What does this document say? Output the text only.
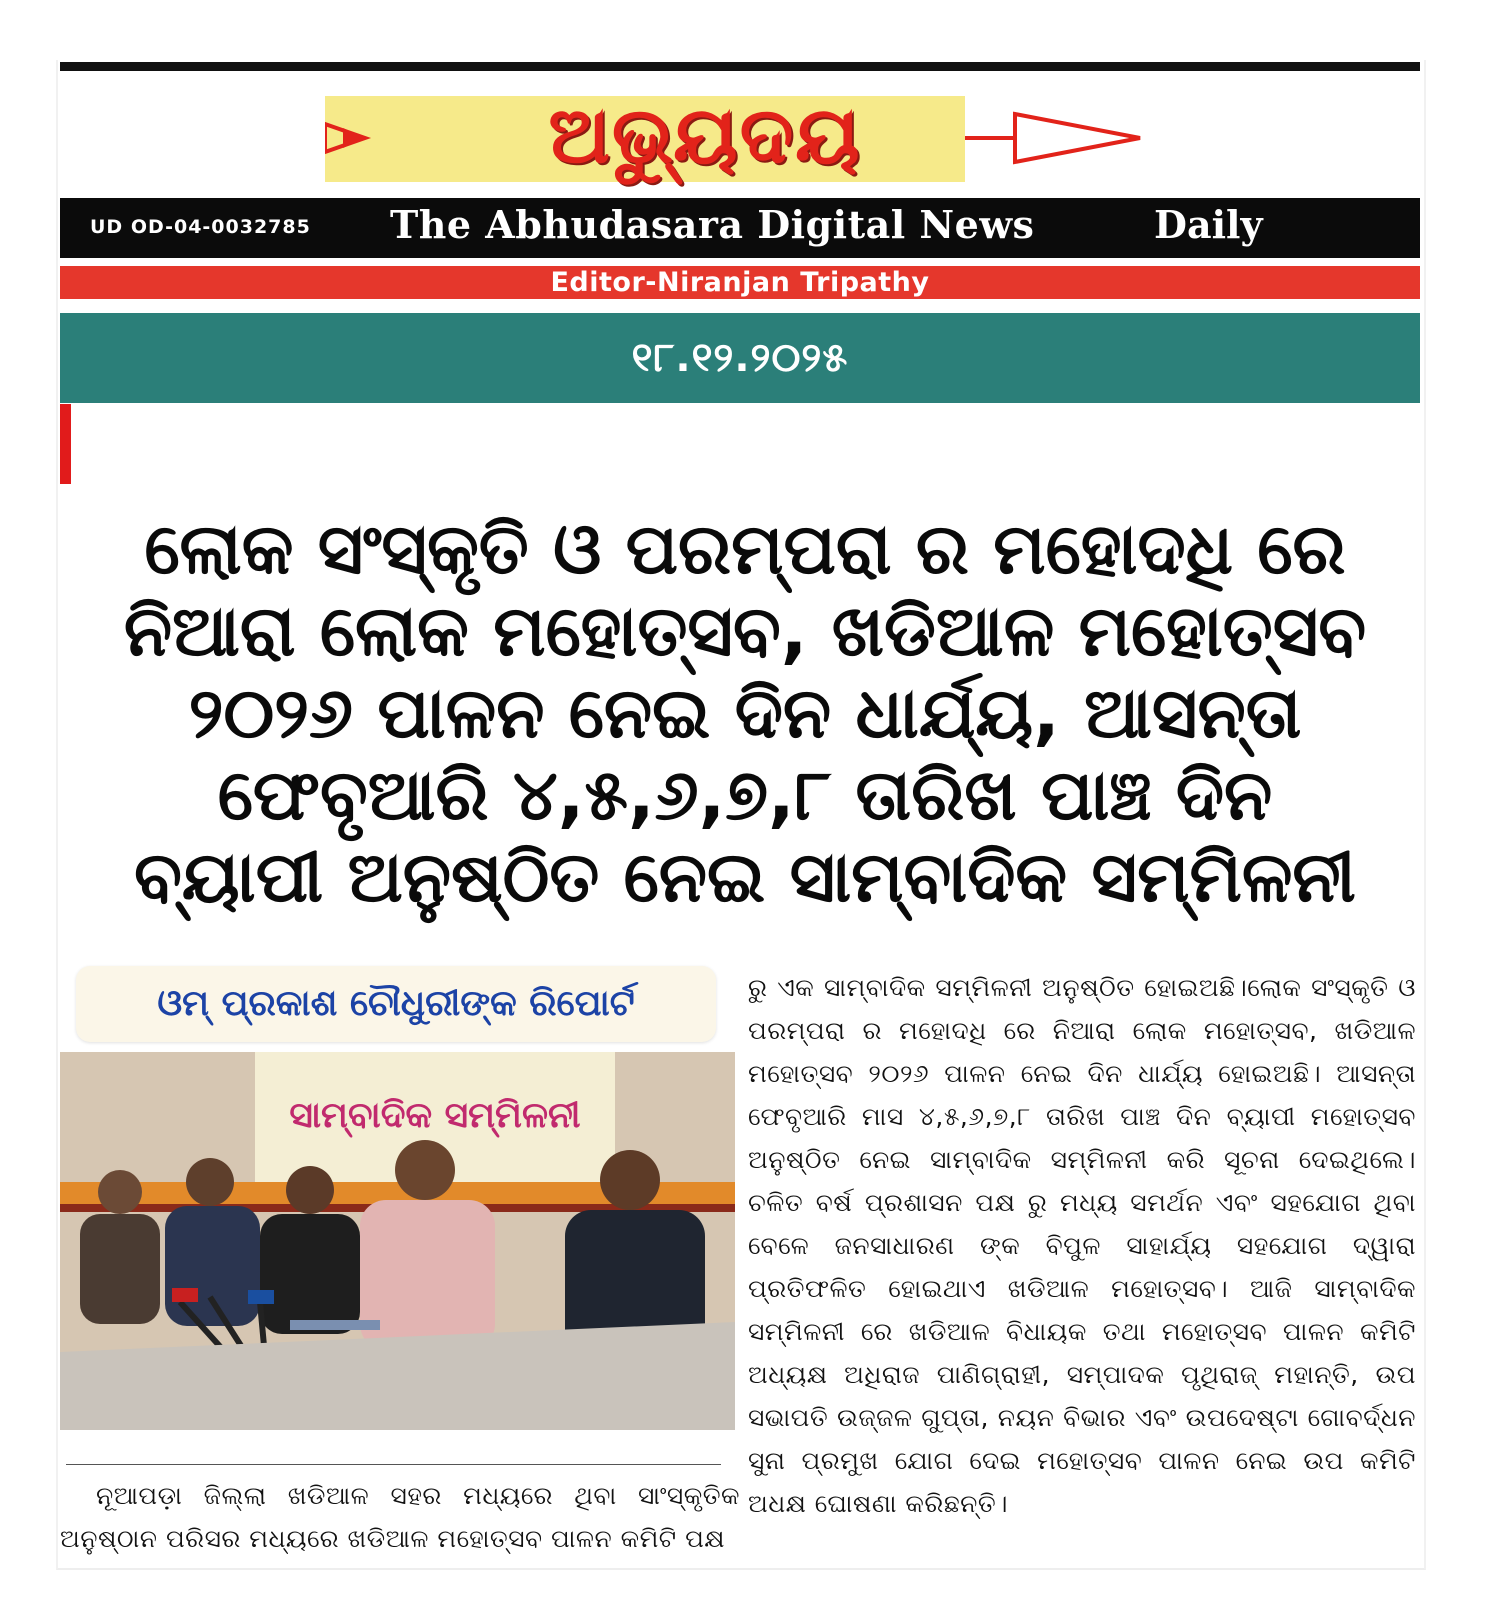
ଅଭ୍ୟୁଦୟ
UD OD-04-0032785 The Abhudasara Digital News	Daily
Editor-Niranjan Tripathy
୧୮.୧୨.୨୦୨୫
ଲୋକ ସଂସ୍କୃତି ଓ ପରମ୍ପରା ର ମହୋଦଧି ରେ
ନିଆରା ଲୋକ ମହୋତ୍ସବ, ଖଡିଆଳ ମହୋତ୍ସବ
୨୦୨୬ ପାଳନ ନେଇ ଦିନ ଧାର୍ଯ୍ୟ, ଆସନ୍ତା
ଫେବୃଆରି ୪,୫,୬,୭,୮ ତାରିଖ ପାଞ୍ଚ ଦିନ
ବ୍ୟାପୀ ଅନୁଷ୍ଠିତ ନେଇ ସାମ୍ବାଦିକ ସମ୍ମିଳନୀ
ଓମ୍ ପ୍ରକାଶ ଚୌଧୁରୀଙ୍କ ରିପୋର୍ଟ
ସାମ୍ବାଦିକ ସମ୍ମିଳନୀ

ରୁ ଏକ ସାମ୍ବାଦିକ ସମ୍ମିଳନୀ ଅନୁଷ୍ଠିତ ହୋଇଅଛି।ଲୋକ ସଂସ୍କୃତି ଓ ପରମ୍ପରା ର ମହୋଦଧି ରେ ନିଆରା ଲୋକ ମହୋତ୍ସବ, ଖଡିଆଳ ମହୋତ୍ସବ ୨୦୨୬ ପାଳନ ନେଇ ଦିନ ଧାର୍ଯ୍ୟ ହୋଇଅଛି। ଆସନ୍ତା ଫେବୃଆରି ମାସ ୪,୫,୬,୭,୮ ତାରିଖ ପାଞ୍ଚ ଦିନ ବ୍ୟାପୀ ମହୋତ୍ସବ ଅନୁଷ୍ଠିତ ନେଇ ସାମ୍ବାଦିକ ସମ୍ମିଳନୀ କରି ସୂଚନା ଦେଇଥିଲେ। ଚଳିତ ବର୍ଷ ପ୍ରଶାସନ ପକ୍ଷ ରୁ ମଧ୍ୟ ସମର୍ଥନ ଏବଂ ସହଯୋଗ ଥିବା ବେଳେ ଜନସାଧାରଣ ଙ୍କ ବିପୁଳ ସାହାର୍ଯ୍ୟ ସହଯୋଗ ଦ୍ୱାରା ପ୍ରତିଫଳିତ ହୋଇଥାଏ ଖଡିଆଳ ମହୋତ୍ସବ। ଆଜି ସାମ୍ବାଦିକ ସମ୍ମିଳନୀ ରେ ଖଡିଆଳ ବିଧାୟକ ତଥା ମହୋତ୍ସବ ପାଳନ କମିଟି ଅଧ୍ୟକ୍ଷ ଅଧିରାଜ ପାଣିଗ୍ରାହୀ, ସମ୍ପାଦକ ପୃଥିରାଜ୍ ମହାନ୍ତି, ଉପ ସଭାପତି ଉଜ୍ଜଳ ଗୁପ୍ତା, ନୟନ ବିଭାର ଏବଂ ଉପଦେଷ୍ଟା ଗୋବର୍ଦ୍ଧନ ସୁନା ପ୍ରମୁଖ ଯୋଗ ଦେଇ ମହୋତ୍ସବ ପାଳନ ନେଇ ଉପ କମିଟି ଅଧକ୍ଷ ଘୋଷଣା କରିଛନ୍ତି।

ନୂଆପଡ଼ା ଜିଲ୍ଲା ଖଡିଆଳ ସହର ମଧ୍ୟରେ ଥିବା ସାଂସ୍କୃତିକ ଅନୁଷ୍ଠାନ ପରିସର ମଧ୍ୟରେ ଖଡିଆଳ ମହୋତ୍ସବ ପାଳନ କମିଟି ପକ୍ଷ
